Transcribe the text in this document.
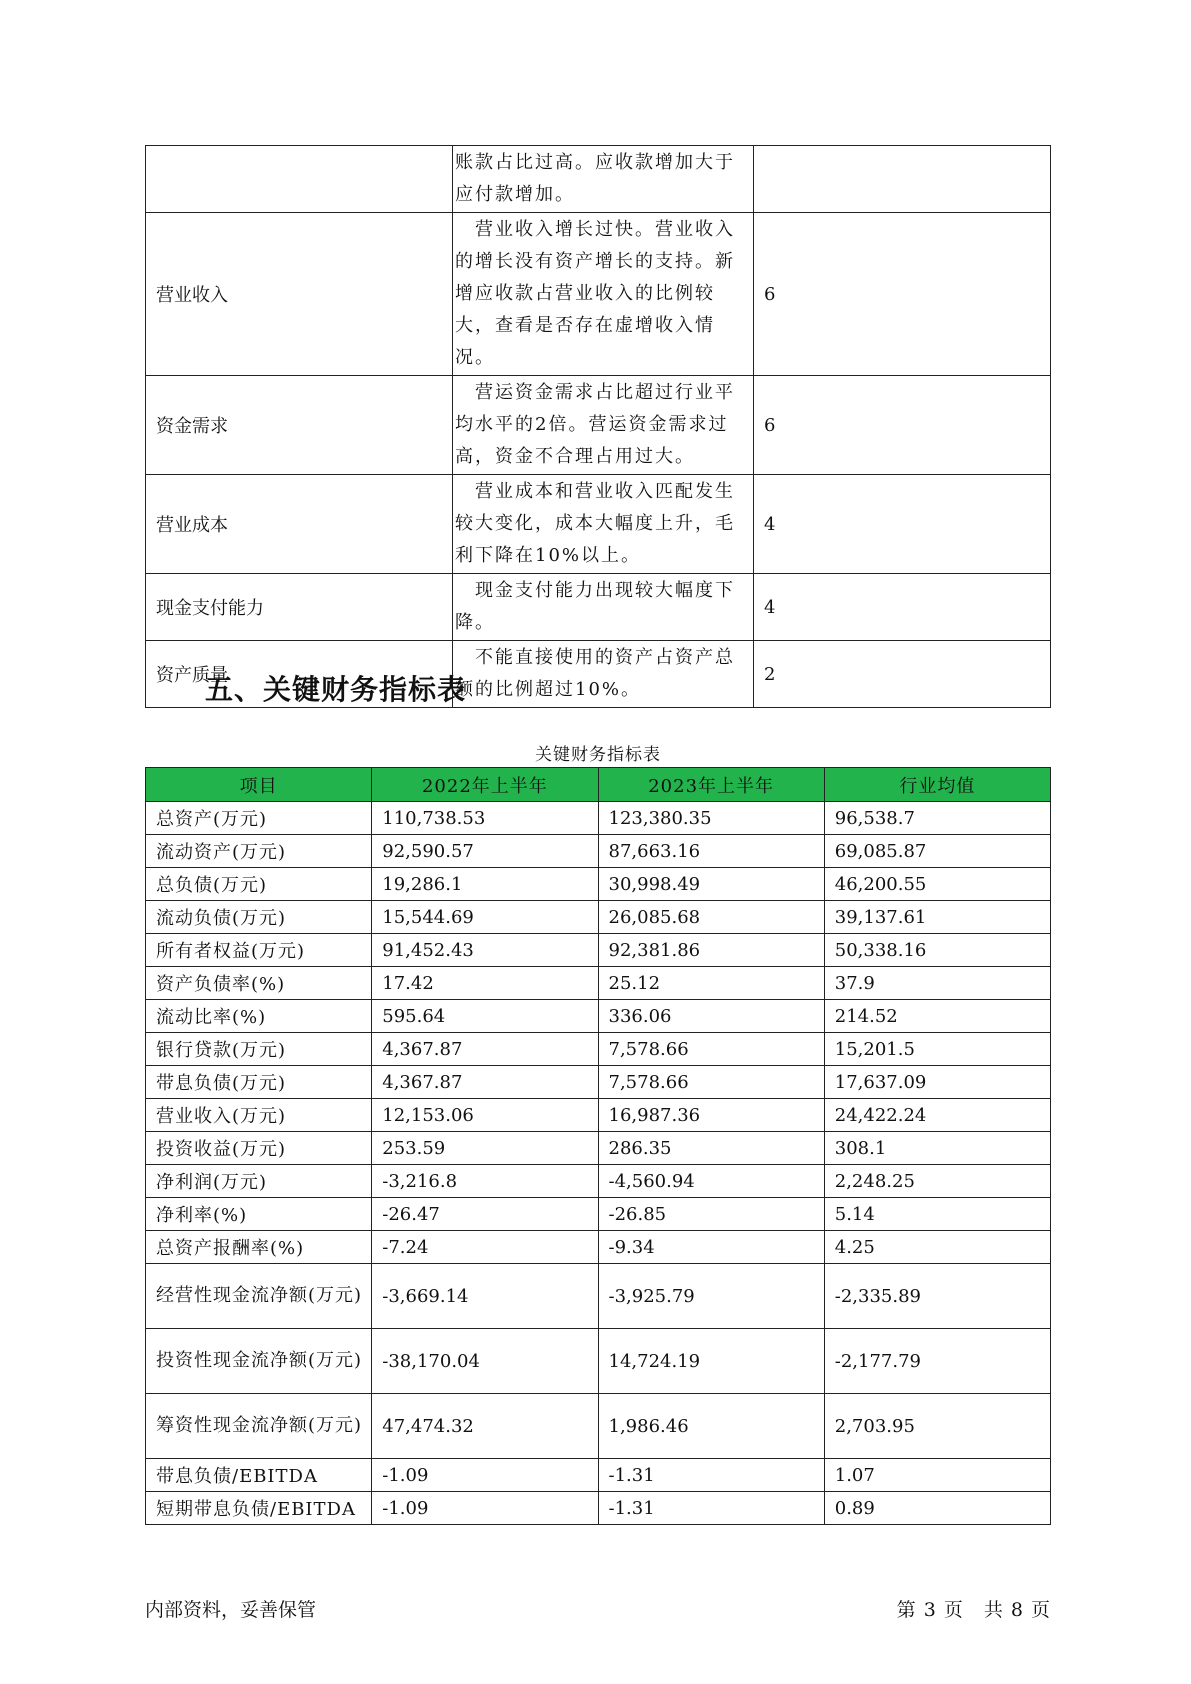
	账款占比过高。应收款增加大于应付款增加。	
营业收入	　营业收入增长过快。营业收入的增长没有资产增长的支持。新增应收款占营业收入的比例较大，查看是否存在虚增收入情况。	6
资金需求	　营运资金需求占比超过行业平均水平的2倍。营运资金需求过高，资金不合理占用过大。	6
营业成本	　营业成本和营业收入匹配发生较大变化，成本大幅度上升，毛利下降在10%以上。	4
现金支付能力	　现金支付能力出现较大幅度下降。	4
资产质量	　不能直接使用的资产占资产总额的比例超过10%。	2
五、关键财务指标表
关键财务指标表
项目	2022年上半年	2023年上半年	行业均值
总资产(万元)	110,738.53	123,380.35	96,538.7
流动资产(万元)	92,590.57	87,663.16	69,085.87
总负债(万元)	19,286.1	30,998.49	46,200.55
流动负债(万元)	15,544.69	26,085.68	39,137.61
所有者权益(万元)	91,452.43	92,381.86	50,338.16
资产负债率(%)	17.42	25.12	37.9
流动比率(%)	595.64	336.06	214.52
银行贷款(万元)	4,367.87	7,578.66	15,201.5
带息负债(万元)	4,367.87	7,578.66	17,637.09
营业收入(万元)	12,153.06	16,987.36	24,422.24
投资收益(万元)	253.59	286.35	308.1
净利润(万元)	-3,216.8	-4,560.94	2,248.25
净利率(%)	-26.47	-26.85	5.14
总资产报酬率(%)	-7.24	-9.34	4.25
经营性现金流净额(万元)	-3,669.14	-3,925.79	-2,335.89
投资性现金流净额(万元)	-38,170.04	14,724.19	-2,177.79
筹资性现金流净额(万元)	47,474.32	1,986.46	2,703.95
带息负债/EBITDA	-1.09	-1.31	1.07
短期带息负债/EBITDA	-1.09	-1.31	0.89
内部资料，妥善保管	第 3 页　共 8 页
